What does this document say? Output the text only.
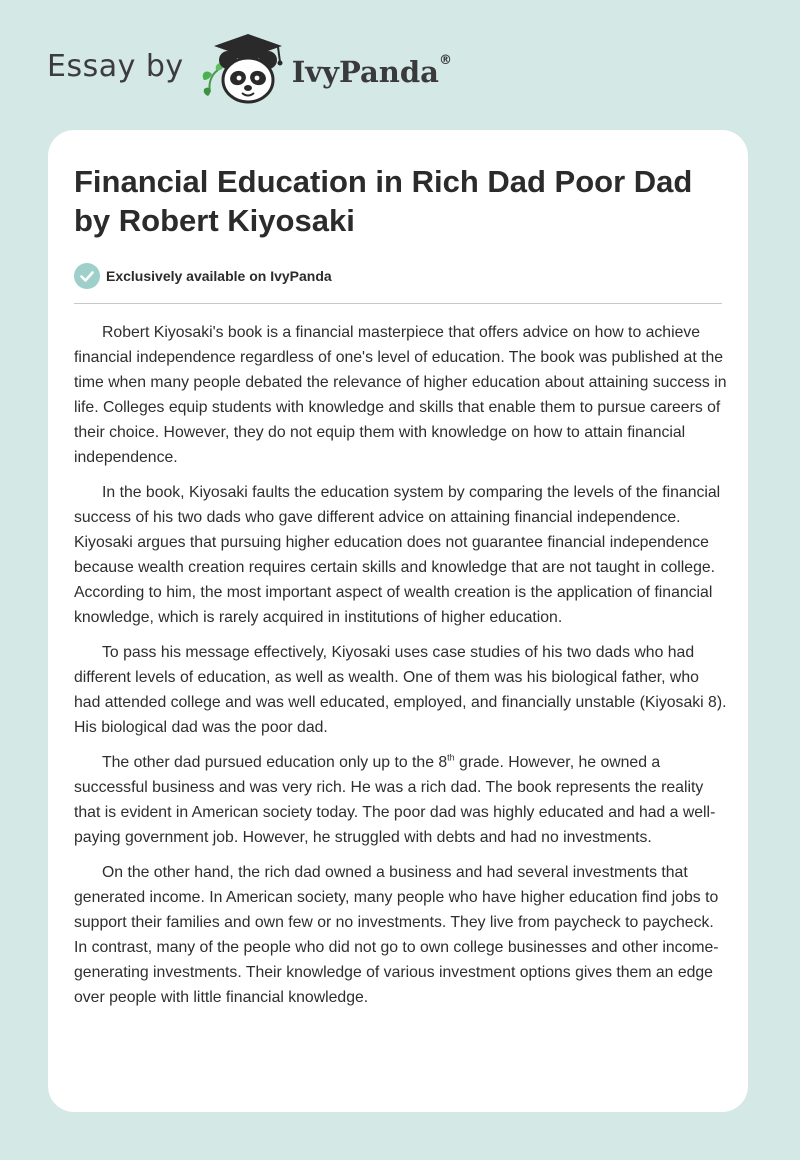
Essay by	IvyPanda®
Financial Education in Rich Dad Poor Dad by Robert Kiyosaki
Exclusively available on IvyPanda

Robert Kiyosaki's book is a financial masterpiece that offers advice on how to achieve financial independence regardless of one's level of education. The book was published at the time when many people debated the relevance of higher education about attaining success in life. Colleges equip students with knowledge and skills that enable them to pursue careers of their choice. However, they do not equip them with knowledge on how to attain financial independence.

In the book, Kiyosaki faults the education system by comparing the levels of the financial success of his two dads who gave different advice on attaining financial independence. Kiyosaki argues that pursuing higher education does not guarantee financial independence because wealth creation requires certain skills and knowledge that are not taught in college. According to him, the most important aspect of wealth creation is the application of financial knowledge, which is rarely acquired in institutions of higher education.

To pass his message effectively, Kiyosaki uses case studies of his two dads who had different levels of education, as well as wealth. One of them was his biological father, who had attended college and was well educated, employed, and financially unstable (Kiyosaki 8). His biological dad was the poor dad.

The other dad pursued education only up to the 8th grade. However, he owned a successful business and was very rich. He was a rich dad. The book represents the reality that is evident in American society today. The poor dad was highly educated and had a well-paying government job. However, he struggled with debts and had no investments.

On the other hand, the rich dad owned a business and had several investments that generated income. In American society, many people who have higher education find jobs to support their families and own few or no investments. They live from paycheck to paycheck. In contrast, many of the people who did not go to own college businesses and other income-generating investments. Their knowledge of various investment options gives them an edge over people with little financial knowledge.
